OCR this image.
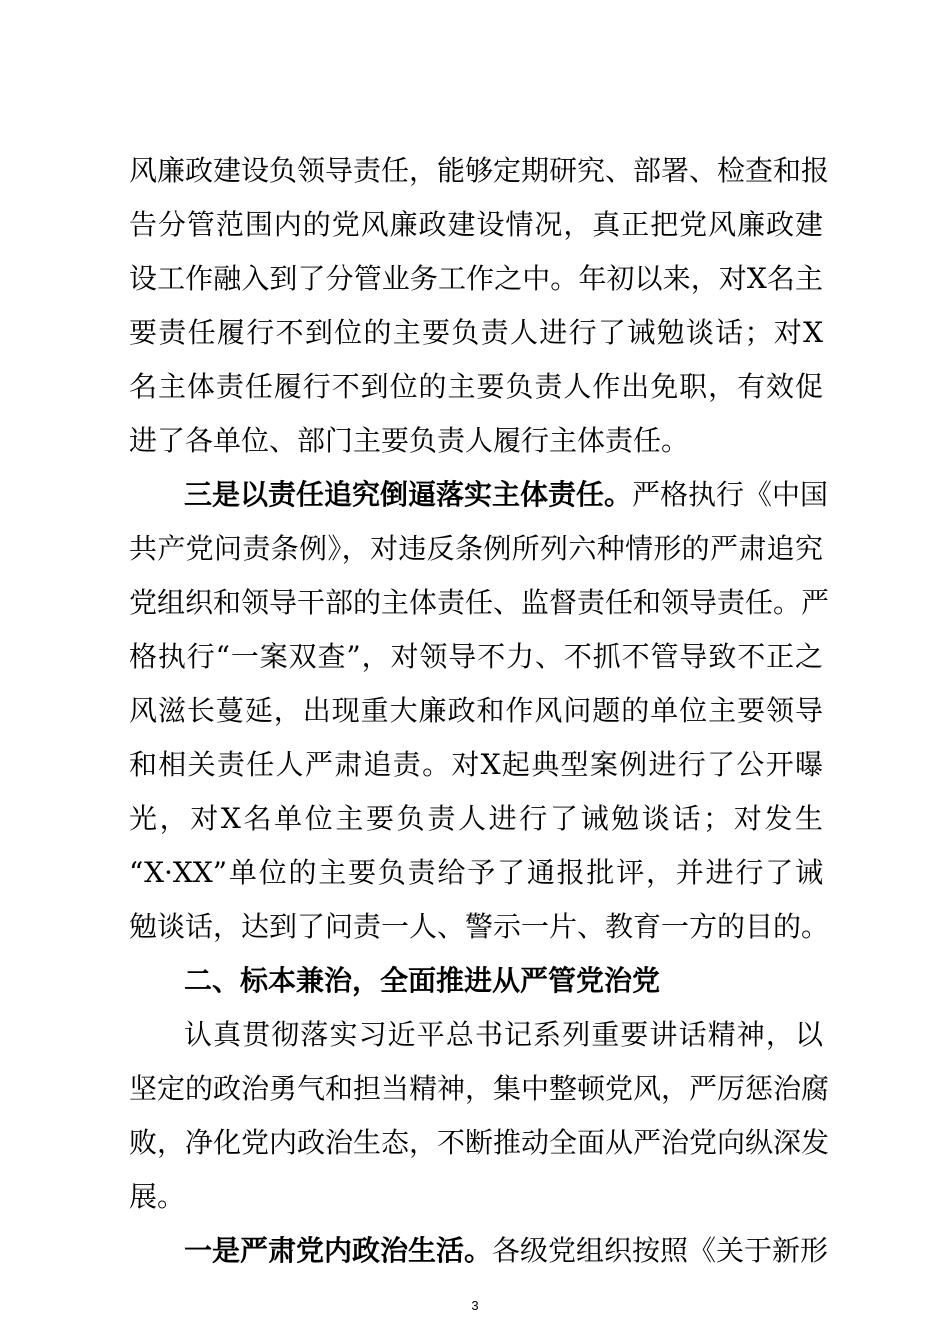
风廉政建设负领导责任，能够定期研究、部署、检查和报
告分管范围内的党风廉政建设情况，真正把党风廉政建
设工作融入到了分管业务工作之中。年初以来，对X名主
要责任履行不到位的主要负责人进行了诫勉谈话；对X
名主体责任履行不到位的主要负责人作出免职，有效促
进了各单位、部门主要负责人履行主体责任。
三是以责任追究倒逼落实主体责任。严格执行《中国
共产党问责条例》，对违反条例所列六种情形的严肃追究
党组织和领导干部的主体责任、监督责任和领导责任。严
格执行“一案双查”，对领导不力、不抓不管导致不正之
风滋长蔓延，出现重大廉政和作风问题的单位主要领导
和相关责任人严肃追责。对X起典型案例进行了公开曝
光，对X名单位主要负责人进行了诫勉谈话；对发生
“X·XX”单位的主要负责给予了通报批评，并进行了诫
勉谈话，达到了问责一人、警示一片、教育一方的目的。
二、标本兼治，全面推进从严管党治党
认真贯彻落实习近平总书记系列重要讲话精神，以
坚定的政治勇气和担当精神，集中整顿党风，严厉惩治腐
败，净化党内政治生态，不断推动全面从严治党向纵深发
展。
一是严肃党内政治生活。各级党组织按照《关于新形
3
